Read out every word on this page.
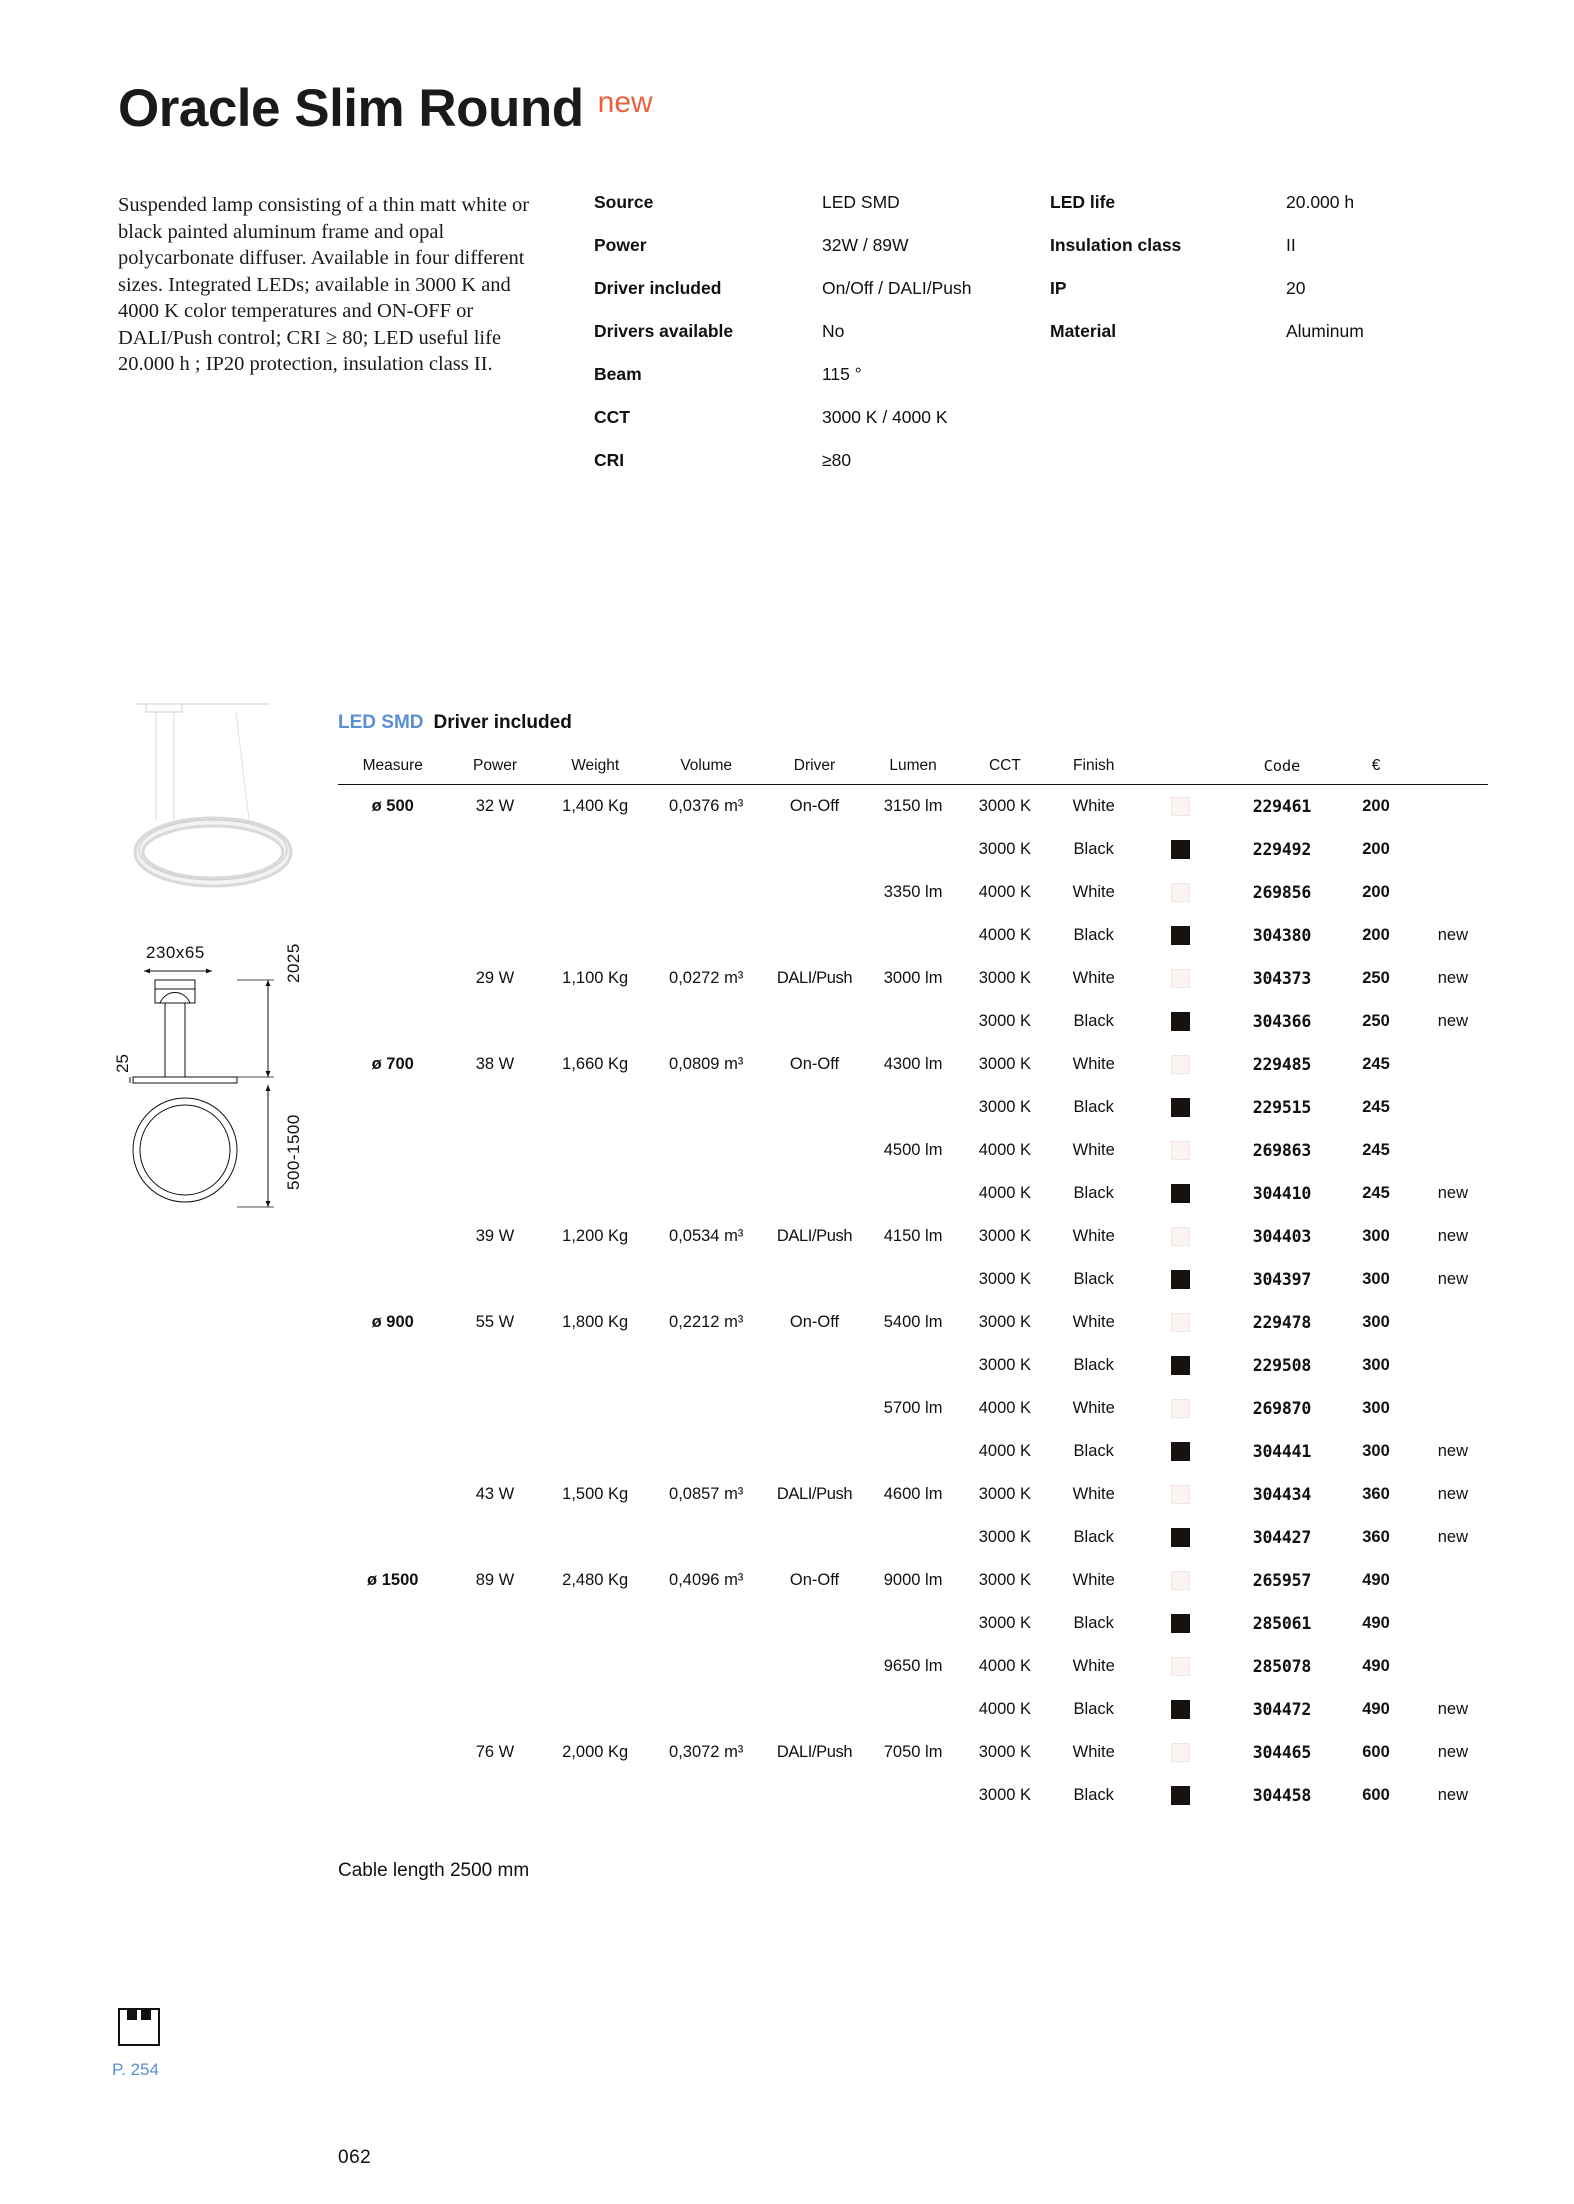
Oracle Slim Round $^{new}$
Suspended lamp consisting of a thin matt white or black painted aluminum frame and opal polycarbonate diffuser. Available in four different sizes. Integrated LEDs; available in 3000 K and 4000 K color temperatures and ON-OFF or DALI/Push control; CRI ≥ 80; LED useful life 20.000 h ; IP20 protection, insulation class II.
Source	LED SMD
Power	32W / 89W
Driver included	On/Off / DALI/Push
Drivers available	No
Beam	115 °
CCT	3000 K / 4000 K
CRI	≥80
LED life	20.000 h
Insulation class	II
IP	20
Material	Aluminum
230x65	2025
500-1500
25
LED SMD Driver included
Measure	Power	Weight	Volume	Driver	Lumen	CCT	Finish		Code	€	
ø 500	32 W	1,400 Kg	0,0376 m³	On-Off	3150 lm	3000 K	White		229461	200	
						3000 K	Black		229492	200	
					3350 lm	4000 K	White		269856	200	
						4000 K	Black		304380	200	new
	29 W	1,100 Kg	0,0272 m³	DALI/Push	3000 lm	3000 K	White		304373	250	new
						3000 K	Black		304366	250	new
ø 700	38 W	1,660 Kg	0,0809 m³	On-Off	4300 lm	3000 K	White		229485	245	
						3000 K	Black		229515	245	
					4500 lm	4000 K	White		269863	245	
						4000 K	Black		304410	245	new
	39 W	1,200 Kg	0,0534 m³	DALI/Push	4150 lm	3000 K	White		304403	300	new
						3000 K	Black		304397	300	new
ø 900	55 W	1,800 Kg	0,2212 m³	On-Off	5400 lm	3000 K	White		229478	300	
						3000 K	Black		229508	300	
					5700 lm	4000 K	White		269870	300	
						4000 K	Black		304441	300	new
	43 W	1,500 Kg	0,0857 m³	DALI/Push	4600 lm	3000 K	White		304434	360	new
						3000 K	Black		304427	360	new
ø 1500	89 W	2,480 Kg	0,4096 m³	On-Off	9000 lm	3000 K	White		265957	490	
						3000 K	Black		285061	490	
					9650 lm	4000 K	White		285078	490	
						4000 K	Black		304472	490	new
	76 W	2,000 Kg	0,3072 m³	DALI/Push	7050 lm	3000 K	White		304465	600	new
						3000 K	Black		304458	600	new
Cable length 2500 mm
P. 254
062
